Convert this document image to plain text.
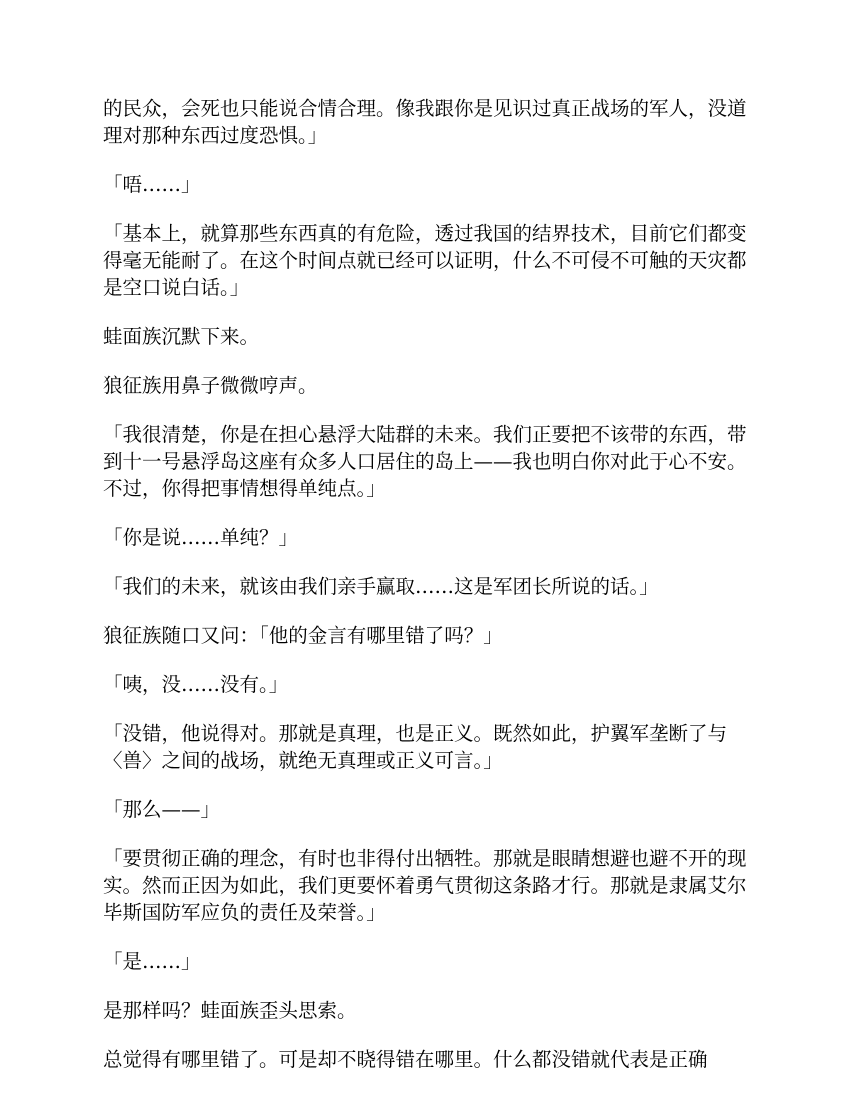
的民众，会死也只能说合情合理。像我跟你是见识过真正战场的军人，没道理对那种东西过度恐惧。」

「唔……」

「基本上，就算那些东西真的有危险，透过我国的结界技术，目前它们都变得毫无能耐了。在这个时间点就已经可以证明，什么不可侵不可触的天灾都是空口说白话。」

蛙面族沉默下来。

狼征族用鼻子微微哼声。

「我很清楚，你是在担心悬浮大陆群的未来。我们正要把不该带的东西，带到十一号悬浮岛这座有众多人口居住的岛上——我也明白你对此于心不安。不过，你得把事情想得单纯点。」

「你是说……单纯？」

「我们的未来，就该由我们亲手赢取……这是军团长所说的话。」

狼征族随口又问：「他的金言有哪里错了吗？」

「咦，没……没有。」

「没错，他说得对。那就是真理，也是正义。既然如此，护翼军垄断了与〈兽〉之间的战场，就绝无真理或正义可言。」

「那么——」

「要贯彻正确的理念，有时也非得付出牺牲。那就是眼睛想避也避不开的现实。然而正因为如此，我们更要怀着勇气贯彻这条路才行。那就是隶属艾尔毕斯国防军应负的责任及荣誉。」

「是……」

是那样吗？蛙面族歪头思索。

总觉得有哪里错了。可是却不晓得错在哪里。什么都没错就代表是正确
